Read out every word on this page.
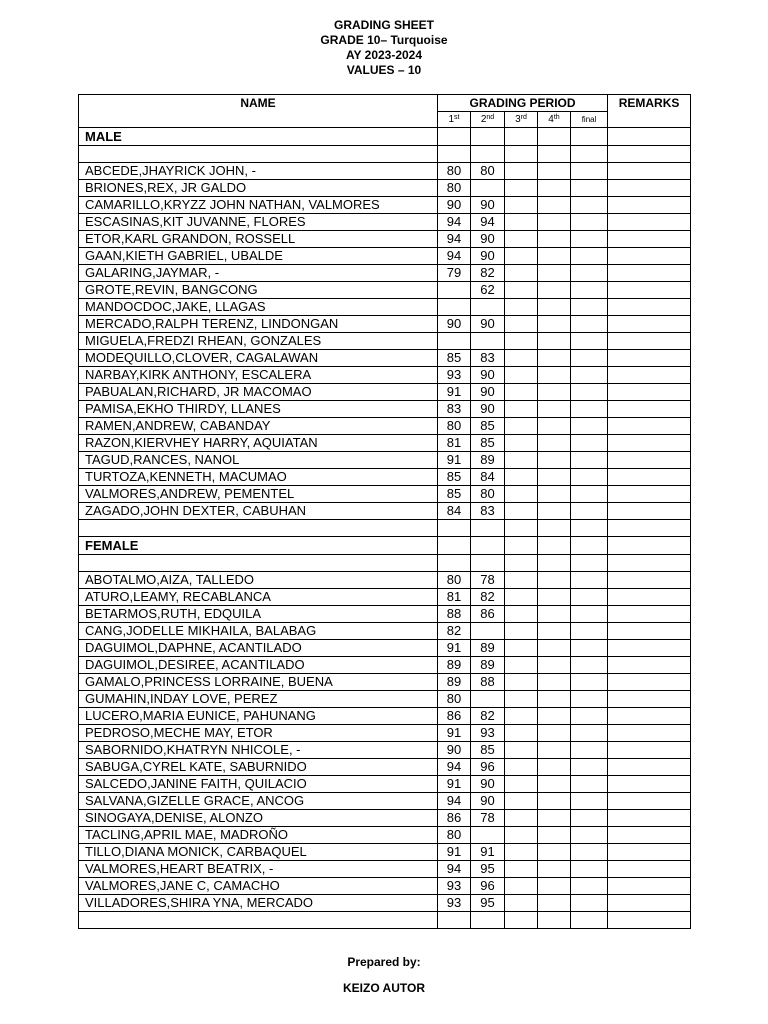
GRADING SHEET
GRADE 10– Turquoise
AY 2023-2024
VALUES – 10
NAME	GRADING PERIOD					REMARKS
	1st	2nd	3rd	4th	final	
MALE						

ABCEDE,JHAYRICK JOHN, -	80	80				
BRIONES,REX, JR GALDO	80					
CAMARILLO,KRYZZ JOHN NATHAN, VALMORES	90	90				
ESCASINAS,KIT JUVANNE, FLORES	94	94				
ETOR,KARL GRANDON, ROSSELL	94	90				
GAAN,KIETH GABRIEL, UBALDE	94	90				
GALARING,JAYMAR, -	79	82				
GROTE,REVIN, BANGCONG		62				
MANDOCDOC,JAKE, LLAGAS						
MERCADO,RALPH TERENZ, LINDONGAN	90	90				
MIGUELA,FREDZI RHEAN, GONZALES						
MODEQUILLO,CLOVER, CAGALAWAN	85	83				
NARBAY,KIRK ANTHONY, ESCALERA	93	90				
PABUALAN,RICHARD, JR MACOMAO	91	90				
PAMISA,EKHO THIRDY, LLANES	83	90				
RAMEN,ANDREW, CABANDAY	80	85				
RAZON,KIERVHEY HARRY, AQUIATAN	81	85				
TAGUD,RANCES, NANOL	91	89				
TURTOZA,KENNETH, MACUMAO	85	84				
VALMORES,ANDREW, PEMENTEL	85	80				
ZAGADO,JOHN DEXTER, CABUHAN	84	83				

FEMALE						

ABOTALMO,AIZA, TALLEDO	80	78				
ATURO,LEAMY, RECABLANCA	81	82				
BETARMOS,RUTH, EDQUILA	88	86				
CANG,JODELLE MIKHAILA, BALABAG	82					
DAGUIMOL,DAPHNE, ACANTILADO	91	89				
DAGUIMOL,DESIREE, ACANTILADO	89	89				
GAMALO,PRINCESS LORRAINE, BUENA	89	88				
GUMAHIN,INDAY LOVE, PEREZ	80					
LUCERO,MARIA EUNICE, PAHUNANG	86	82				
PEDROSO,MECHE MAY, ETOR	91	93				
SABORNIDO,KHATRYN NHICOLE, -	90	85				
SABUGA,CYREL KATE, SABURNIDO	94	96				
SALCEDO,JANINE FAITH, QUILACIO	91	90				
SALVANA,GIZELLE GRACE, ANCOG	94	90				
SINOGAYA,DENISE, ALONZO	86	78				
TACLING,APRIL MAE, MADROÑO	80					
TILLO,DIANA MONICK, CARBAQUEL	91	91				
VALMORES,HEART BEATRIX, -	94	95				
VALMORES,JANE C, CAMACHO	93	96				
VILLADORES,SHIRA YNA, MERCADO	93	95				

Prepared by:
KEIZO AUTOR
